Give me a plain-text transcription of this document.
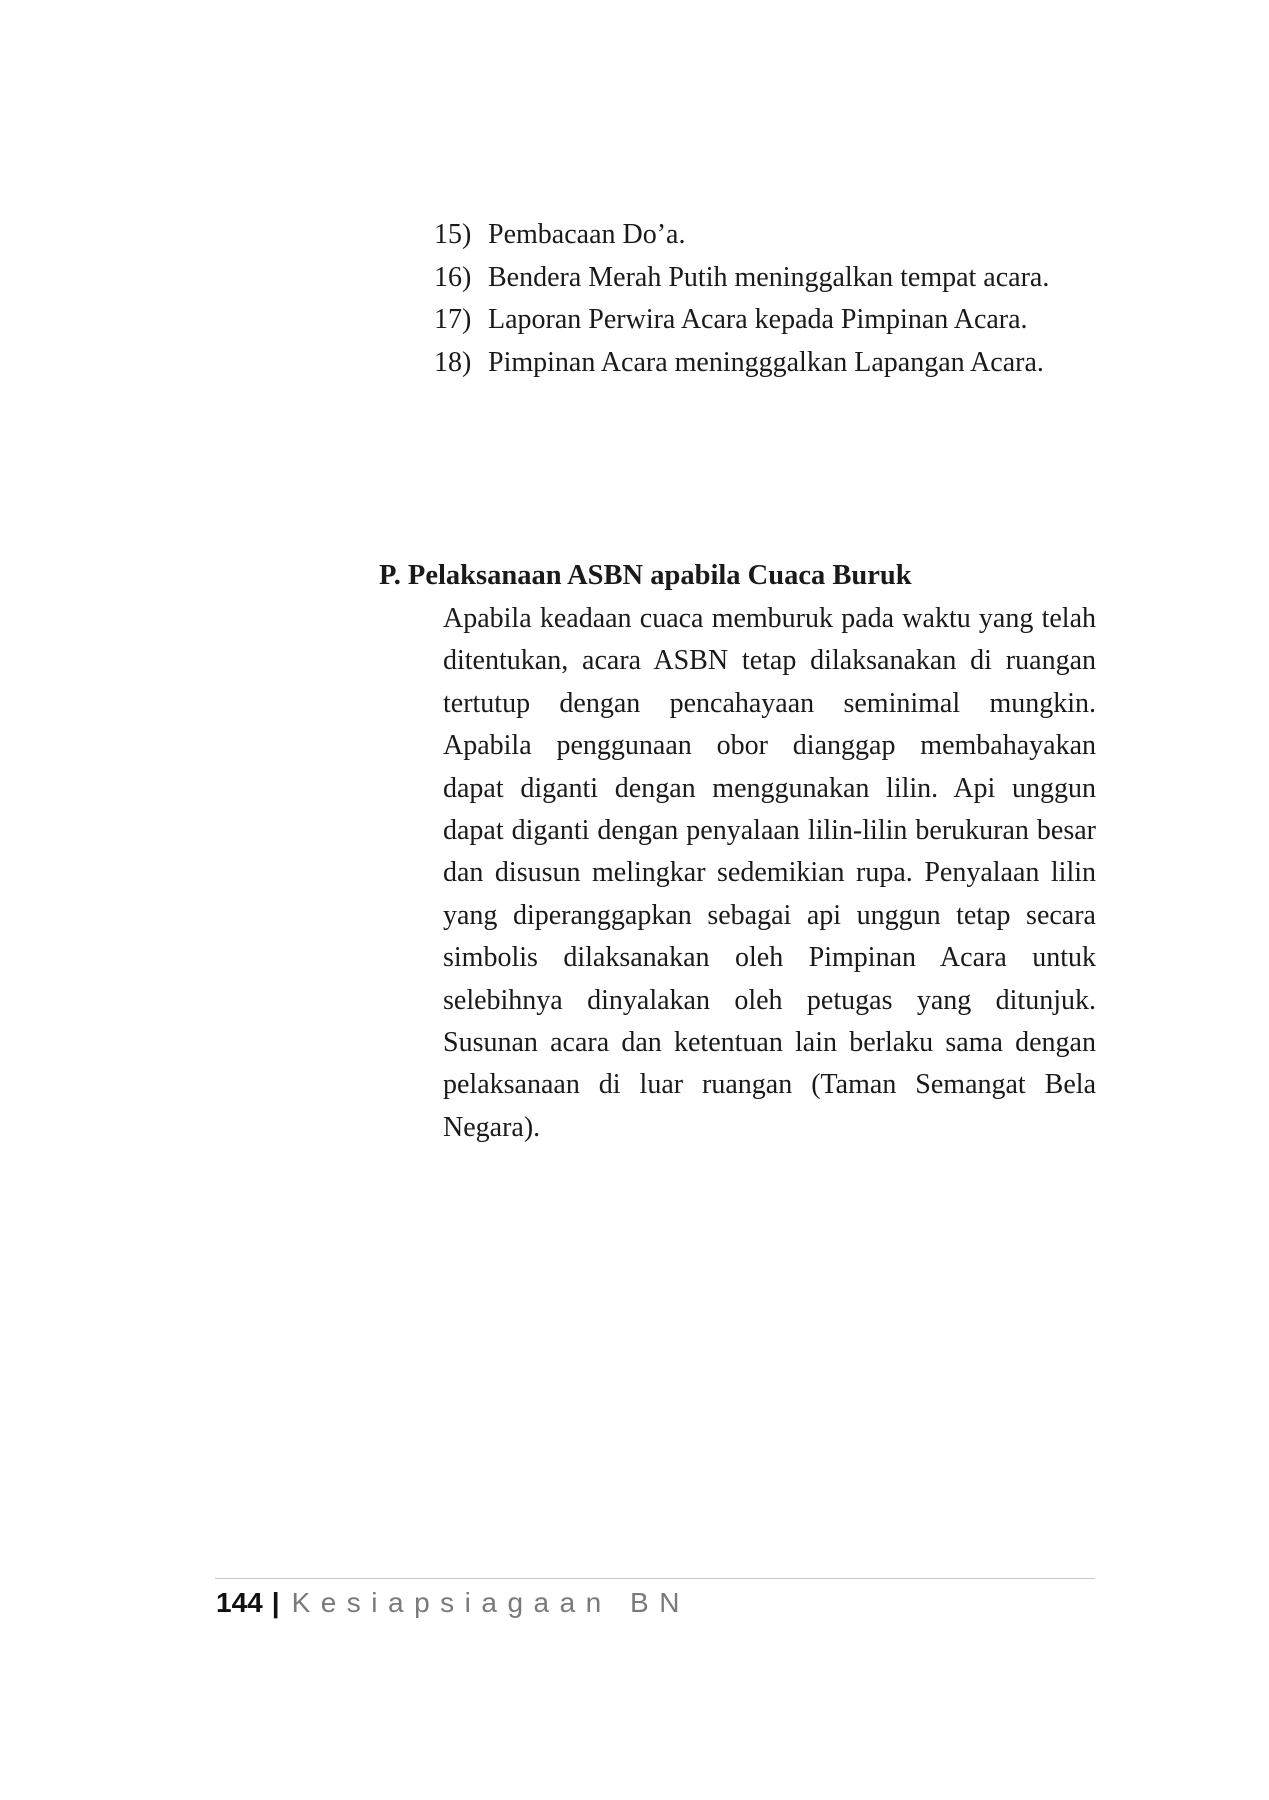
15) Pembacaan Do’a.
16) Bendera Merah Putih meninggalkan tempat acara.
17) Laporan Perwira Acara kepada Pimpinan Acara.
18) Pimpinan Acara meningggalkan Lapangan Acara.
P. Pelaksanaan ASBN apabila Cuaca Buruk

Apabila keadaan cuaca memburuk pada waktu yang telah ditentukan, acara ASBN tetap dilaksanakan di ruangan tertutup dengan pencahayaan seminimal mungkin. Apabila penggunaan obor dianggap membahayakan dapat diganti dengan menggunakan lilin. Api unggun dapat diganti dengan penyalaan lilin-lilin berukuran besar dan disusun melingkar sedemikian rupa. Penyalaan lilin yang diperanggapkan sebagai api unggun tetap secara simbolis dilaksanakan oleh Pimpinan Acara untuk selebihnya dinyalakan oleh petugas yang ditunjuk. Susunan acara dan ketentuan lain berlaku sama dengan pelaksanaan di luar ruangan (Taman Semangat Bela Negara).

144 | Kesiapsiagaan BN
